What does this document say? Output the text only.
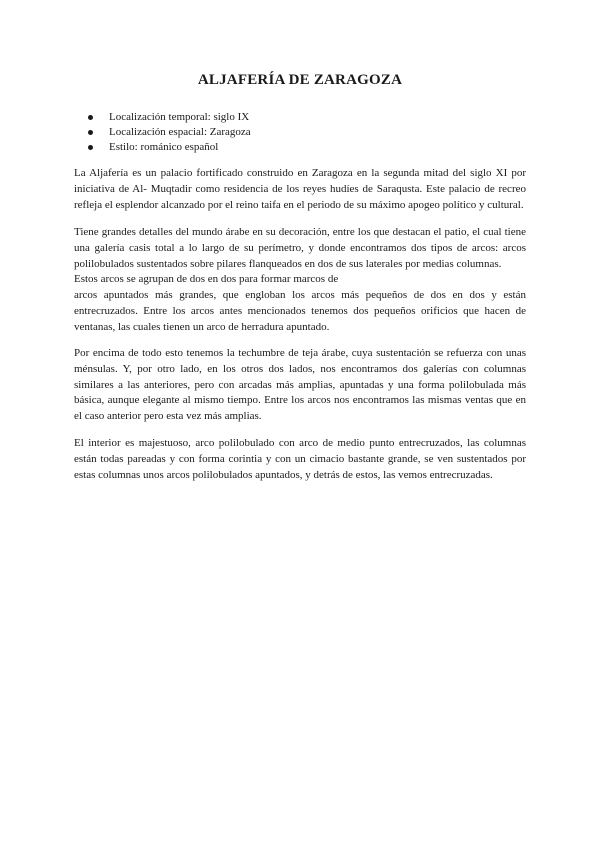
ALJAFERÍA DE ZARAGOZA
Localización temporal: siglo IX
Localización espacial: Zaragoza
Estilo: románico español

La Aljafería es un palacio fortificado construido en Zaragoza en la segunda mitad del siglo XI por iniciativa de Al- Muqtadir como residencia de los reyes hudíes de Saraqusta. Este palacio de recreo refleja el esplendor alcanzado por el reino taifa en el periodo de su máximo apogeo político y cultural.

Tiene grandes detalles del mundo árabe en su decoración, entre los que destacan el patio, el cual tiene una galería casis total a lo largo de su perímetro, y donde encontramos dos tipos de arcos: arcos polilobulados sustentados sobre pilares flanqueados en dos de sus laterales por medias columnas.
Estos arcos se agrupan de dos en dos para formar marcos de
arcos apuntados más grandes, que engloban los arcos más pequeños de dos en dos y están entrecruzados. Entre los arcos antes mencionados tenemos dos pequeños orificios que hacen de ventanas, las cuales tienen un arco de herradura apuntado.

Por encima de todo esto tenemos la techumbre de teja árabe, cuya sustentación se refuerza con unas ménsulas. Y, por otro lado, en los otros dos lados, nos encontramos dos galerías con columnas similares a las anteriores, pero con arcadas más amplias, apuntadas y una forma polilobulada más básica, aunque elegante al mismo tiempo. Entre los arcos nos encontramos las mismas ventas que en el caso anterior pero esta vez más amplias.

El interior es majestuoso, arco polilobulado con arco de medio punto entrecruzados, las columnas están todas pareadas y con forma corintia y con un cimacio bastante grande, se ven sustentados por estas columnas unos arcos polilobulados apuntados, y detrás de estos, las vemos entrecruzadas.
